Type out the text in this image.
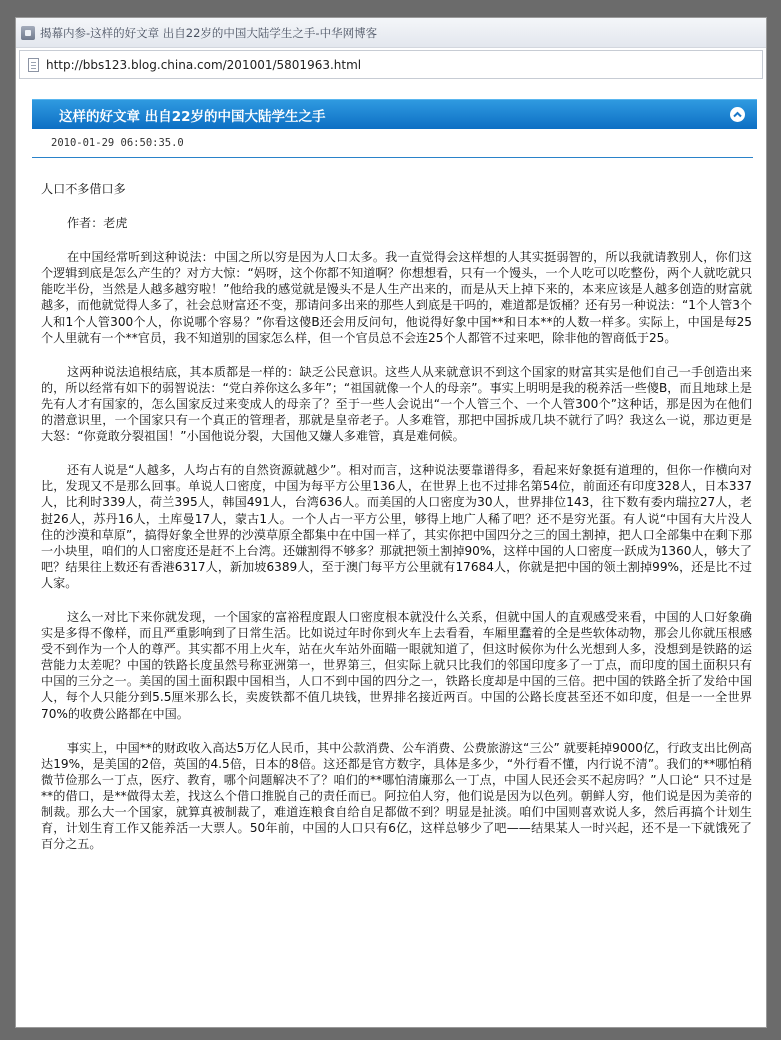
揭幕内参-这样的好文章 出自22岁的中国大陆学生之手-中华网博客
http://bbs123.blog.china.com/201001/5801963.html
这样的好文章 出自22岁的中国大陆学生之手
2010-01-29 06:50:35.0
人口不多借口多
作者：老虎

在中国经常听到这种说法：中国之所以穷是因为人口太多。我一直觉得会这样想的人其实挺弱智的，所以我就请教别人，你们这个逻辑到底是怎么产生的？对方大惊：“妈呀，这个你都不知道啊？你想想看，只有一个馒头，一个人吃可以吃整份，两个人就吃就只能吃半份，当然是人越多越穷啦！”他给我的感觉就是馒头不是人生产出来的，而是从天上掉下来的，本来应该是人越多创造的财富就越多，而他就觉得人多了，社会总财富还不变，那请问多出来的那些人到底是干吗的，难道都是饭桶？还有另一种说法：“1个人管3个人和1个人管300个人，你说哪个容易？”你看这傻B还会用反问句，他说得好象中国**和日本**的人数一样多。实际上，中国是每25个人里就有一个**官员，我不知道别的国家怎么样，但一个官员总不会连25个人都管不过来吧，除非他的智商低于25。

这两种说法追根结底，其本质都是一样的：缺乏公民意识。这些人从来就意识不到这个国家的财富其实是他们自己一手创造出来的，所以经常有如下的弱智说法：“党白养你这么多年”；“祖国就像一个人的母亲”。事实上明明是我的税养活一些傻B，而且地球上是先有人才有国家的，怎么国家反过来变成人的母亲了？至于一些人会说出“一个人管三个、一个人管300个”这种话，那是因为在他们的潜意识里，一个国家只有一个真正的管理者，那就是皇帝老子。人多难管，那把中国拆成几块不就行了吗？我这么一说，那边更是大怒：“你竟敢分裂祖国！”小国他说分裂，大国他又嫌人多难管，真是难伺候。

还有人说是“人越多，人均占有的自然资源就越少”。相对而言，这种说法要靠谱得多，看起来好象挺有道理的，但你一作横向对比，发现又不是那么回事。单说人口密度，中国为每平方公里136人，在世界上也不过排名第54位，前面还有印度328人，日本337人，比利时339人，荷兰395人，韩国491人，台湾636人。而美国的人口密度为30人，世界排位143，往下数有委内瑞拉27人，老挝26人，苏丹16人，土库曼17人，蒙古1人。一个人占一平方公里，够得上地广人稀了吧？还不是穷光蛋。有人说“中国有大片没人住的沙漠和草原”，搞得好象全世界的沙漠草原全都集中在中国一样了，其实你把中国四分之三的国土割掉，把人口全部集中在剩下那一小块里，咱们的人口密度还是赶不上台湾。还嫌割得不够多？那就把领土割掉90%，这样中国的人口密度一跃成为1360人，够大了吧？结果往上数还有香港6317人，新加坡6389人，至于澳门每平方公里就有17684人，你就是把中国的领土割掉99%，还是比不过人家。

这么一对比下来你就发现，一个国家的富裕程度跟人口密度根本就没什么关系，但就中国人的直观感受来看，中国的人口好象确实是多得不像样，而且严重影响到了日常生活。比如说过年时你到火车上去看看，车厢里蠢着的全是些软体动物，那会儿你就压根感受不到作为一个人的尊严。其实都不用上火车，站在火车站外面瞄一眼就知道了，但这时候你为什么光想到人多，没想到是铁路的运营能力太差呢？中国的铁路长度虽然号称亚洲第一，世界第三，但实际上就只比我们的邻国印度多了一丁点，而印度的国土面积只有中国的三分之一。美国的国土面积跟中国相当，人口不到中国的四分之一，铁路长度却是中国的三倍。把中国的铁路全折了发给中国人，每个人只能分到5.5厘米那么长，卖废铁都不值几块钱，世界排名接近两百。中国的公路长度甚至还不如印度，但是一一全世界70%的收费公路都在中国。

事实上，中国**的财政收入高达5万亿人民币，其中公款消费、公车消费、公费旅游这“三公” 就要耗掉9000亿，行政支出比例高达19%，是美国的2倍，英国的4.5倍，日本的8倍。这还都是官方数字，具体是多少，“外行看不懂，内行说不清”。我们的**哪怕稍微节俭那么一丁点，医疗、教育，哪个问题解决不了？咱们的**哪怕清廉那么一丁点，中国人民还会买不起房吗？”人口论“ 只不过是**的借口，是**做得太差，找这么个借口推脱自己的责任而已。阿拉伯人穷，他们说是因为以色列。朝鲜人穷，他们说是因为美帝的制裁。那么大一个国家，就算真被制裁了，难道连粮食自给自足都做不到？明显是扯淡。咱们中国则喜欢说人多，然后再搞个计划生育，计划生育工作又能养活一大票人。50年前，中国的人口只有6亿，这样总够少了吧——结果某人一时兴起，还不是一下就饿死了百分之五。
